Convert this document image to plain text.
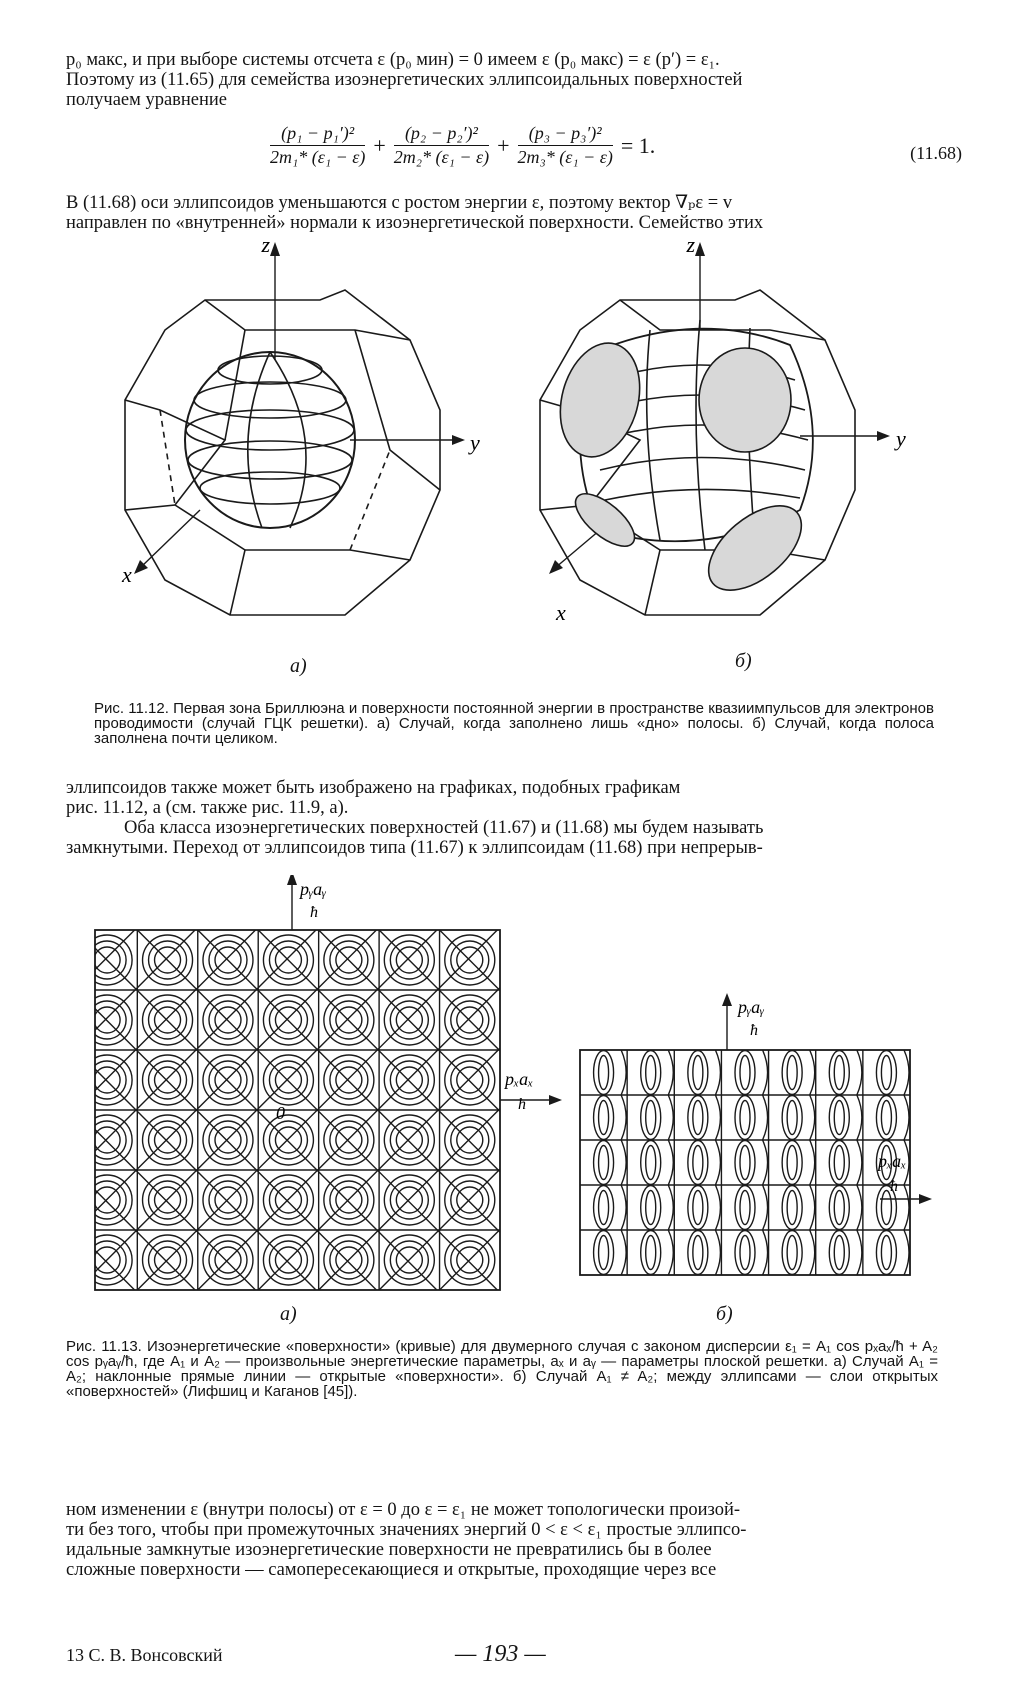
p₀ макс, и при выборе системы отсчета ε (p₀ мин) = 0 имеем ε (p₀ макс) = ε (p′) = ε₁.

Поэтому из (11.65) для семейства изоэнергетических эллипсоидальных поверхностей

получаем уравнение

$\frac{\text{(p₁ − p₁′)²}}{\text{2m₁* (ε₁ − ε)}} + \frac{\text{(p₂ − p₂′)²}}{\text{2m₂* (ε₁ − ε)}} + \frac{\text{(p₃ − p₃′)²}}{\text{2m₃* (ε₁ − ε)}} = 1$.	(11.68)

В (11.68) оси эллипсоидов уменьшаются с ростом энергии ε, поэтому вектор ∇ₚε = v

направлен по «внутренней» нормали к изоэнергетической поверхности. Семейство этих

z
y
x
z
y
x
а)	б)
Рис. 11.12. Первая зона Бриллюэна и поверхности постоянной энергии в пространстве квазиимпульсов для электронов проводимости (случай ГЦК решетки). а) Случай, когда заполнено лишь «дно» полосы. б) Случай, когда полоса заполнена почти целиком.

эллипсоидов также может быть изображено на графиках, подобных графикам

рис. 11.12, а (см. также рис. 11.9, а).

Оба класса изоэнергетических поверхностей (11.67) и (11.68) мы будем называть

замкнутыми. Переход от эллипсоидов типа (11.67) к эллипсоидам (11.68) при непрерыв-

pᵧaᵧ
ħ
pₓaₓ
ħ
0
pᵧaᵧ
ħ
pₓaₓ
ħ
а)	б)
Рис. 11.13. Изоэнергетические «поверхности» (кривые) для двумерного случая с законом дисперсии ε₁ = A₁ cos pₓaₓ/ħ + A₂ cos pᵧaᵧ/ħ, где A₁ и A₂ — произвольные энергетические параметры, aₓ и aᵧ — параметры плоской решетки. а) Случай A₁ = A₂; наклонные прямые линии — открытые «поверхности». б) Случай A₁ ≠ A₂; между эллипсами — слои открытых «поверхностей» (Лифшиц и Каганов [45]).

ном изменении ε (внутри полосы) от ε = 0 до ε = ε₁ не может топологически произой-

ти без того, чтобы при промежуточных значениях энергий 0 < ε < ε₁ простые эллипсо-

идальные замкнутые изоэнергетические поверхности не превратились бы в более

сложные поверхности — самопересекающиеся и открытые, проходящие через все

13 С. В. Вонсовский	— 193 —
